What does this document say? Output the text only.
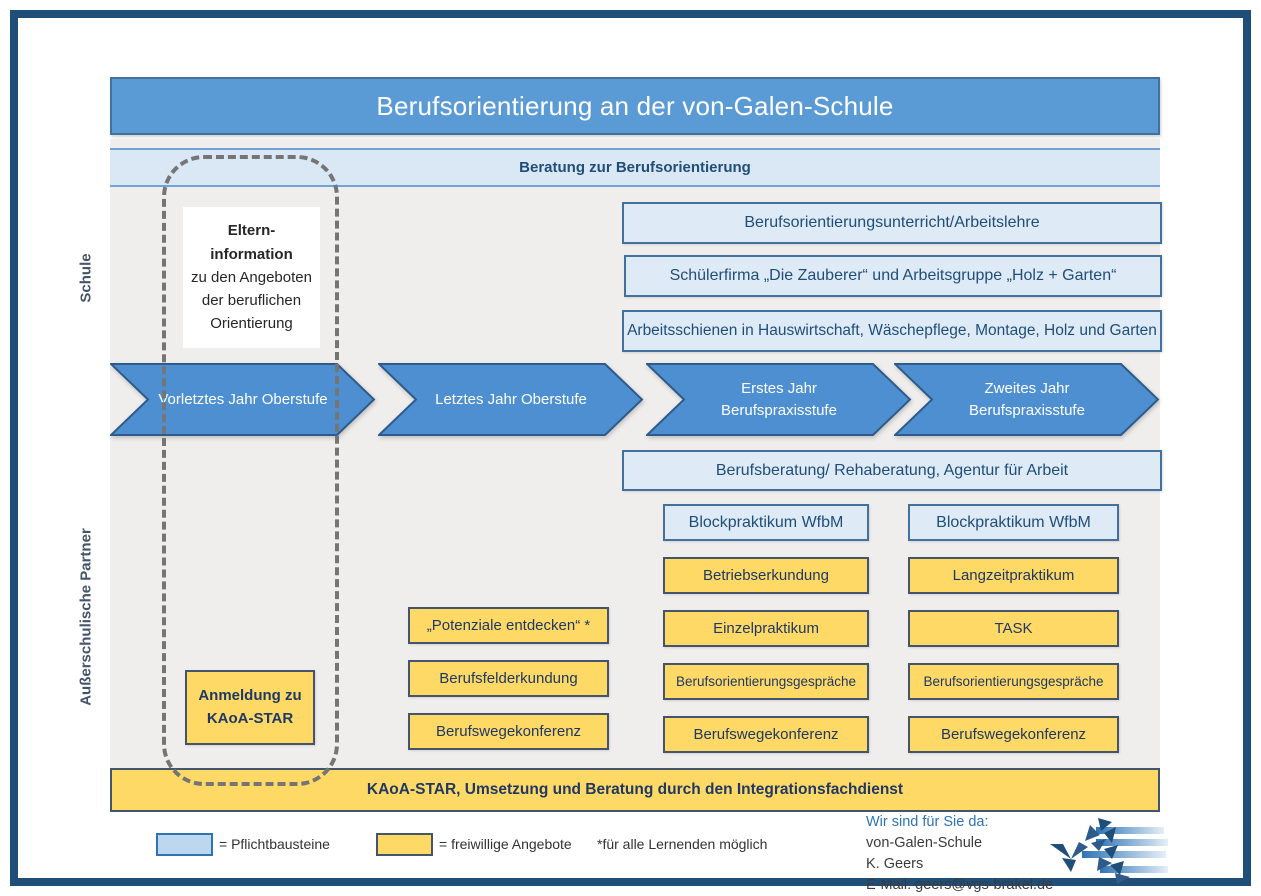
Berufsorientierung an der von-Galen-Schule
Schule
Außerschulische Partner
Beratung zur Berufsorientierung
Berufsorientierungsunterricht/Arbeitslehre
Schülerfirma „Die Zauberer“ und Arbeitsgruppe „Holz + Garten“
Arbeitsschienen in Hauswirtschaft, Wäschepflege, Montage, Holz und Garten
Vorletztes Jahr Oberstufe	Letztes Jahr Oberstufe
Erstes Jahr Berufspraxisstufe
Zweites Jahr Berufspraxisstufe
Berufsberatung/ Rehaberatung, Agentur für Arbeit
Blockpraktikum WfbM	Blockpraktikum WfbM
„Potenziale entdecken“ *
Berufsfelderkundung
Berufswegekonferenz
Betriebserkundung
Einzelpraktikum
Berufsorientierungsgespräche
Berufswegekonferenz
Langzeitpraktikum
TASK
Berufsorientierungsgespräche
Berufswegekonferenz
Anmeldung zu
KAoA-STAR
Eltern-
information
zu den Angeboten
der beruflichen
Orientierung
KAoA-STAR, Umsetzung und Beratung durch den Integrationsfachdienst
= Pflichtbausteine	= freiwillige Angebote *für alle Lernenden möglich
Wir sind für Sie da:
von-Galen-Schule
K. Geers
E-Mail: geers@vgs-brakel.de
